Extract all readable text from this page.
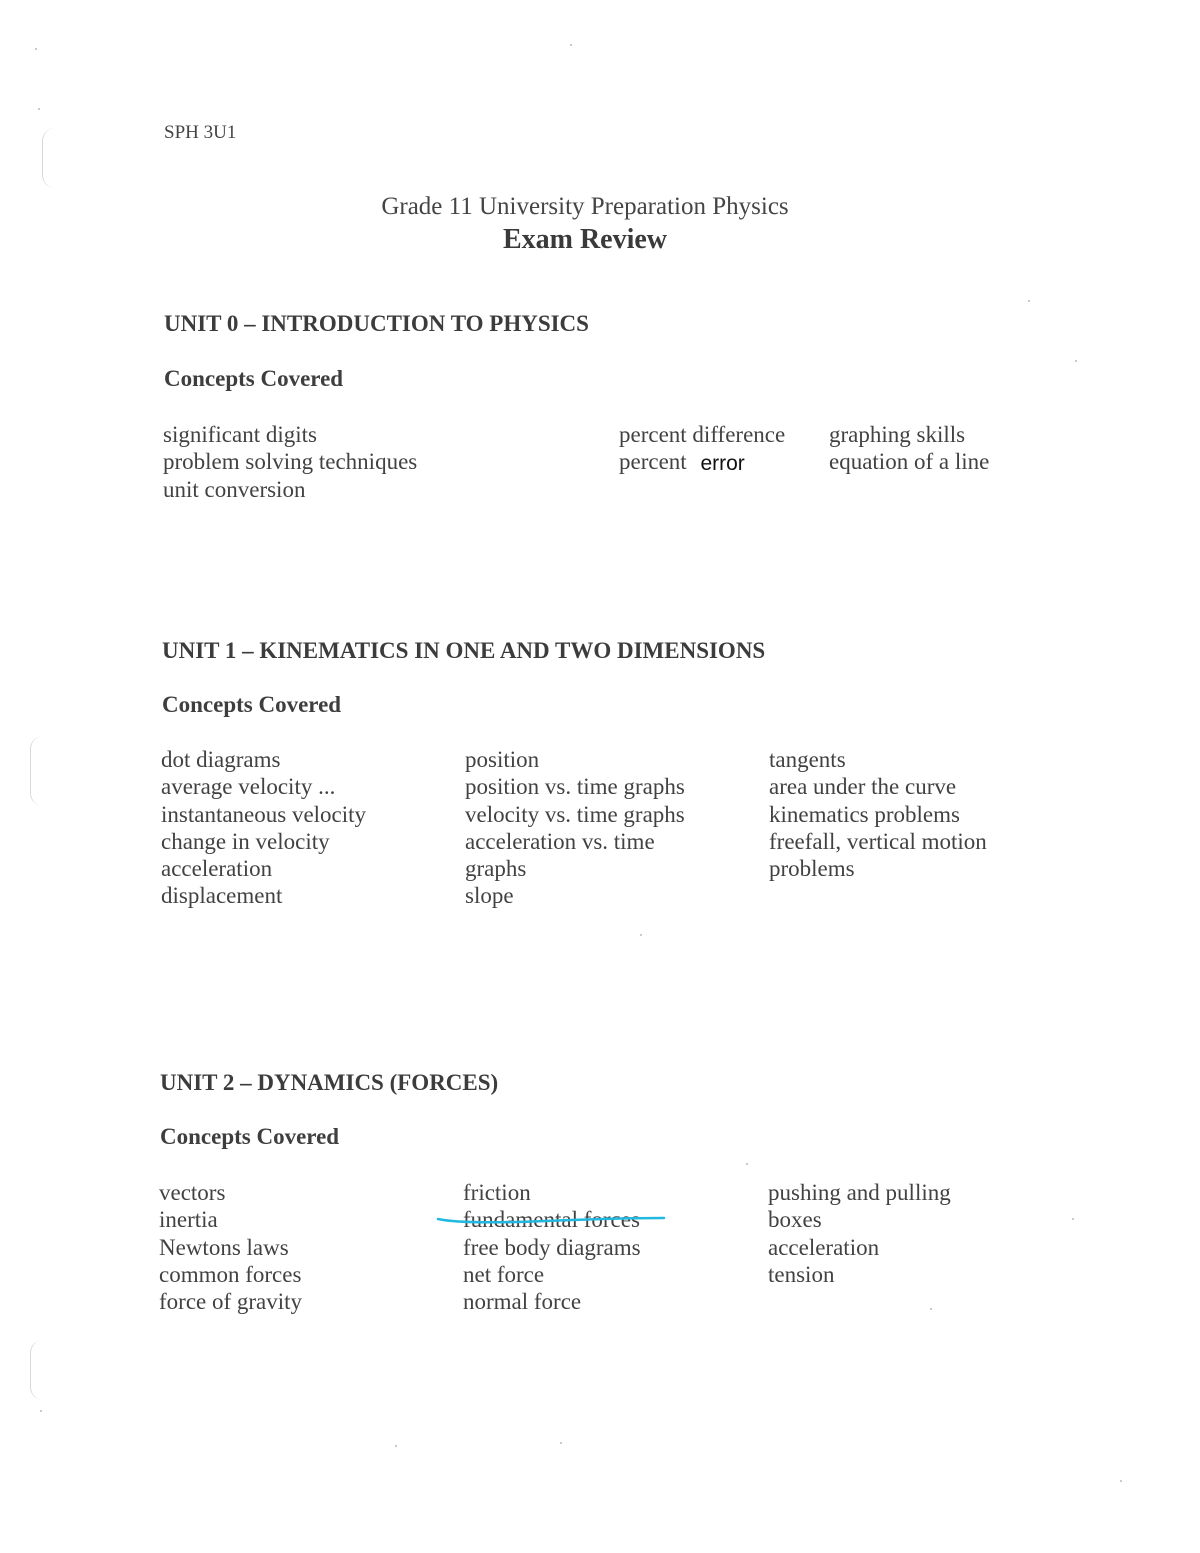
SPH 3U1
Grade 11 University Preparation Physics
Exam Review
UNIT 0 – INTRODUCTION TO PHYSICS
Concepts Covered
significant digits
problem solving techniques
unit conversion
percent difference
percent error
graphing skills
equation of a line
UNIT 1 – KINEMATICS IN ONE AND TWO DIMENSIONS
Concepts Covered
dot diagrams
average velocity ...
instantaneous velocity
change in velocity
acceleration
displacement
position
position vs. time graphs
velocity vs. time graphs
acceleration vs. time
graphs
slope
tangents
area under the curve
kinematics problems
freefall, vertical motion
problems
UNIT 2 – DYNAMICS (FORCES)
Concepts Covered
vectors
inertia
Newtons laws
common forces
force of gravity
friction
fundamental forces
free body diagrams
net force
normal force
pushing and pulling
boxes
acceleration
tension
